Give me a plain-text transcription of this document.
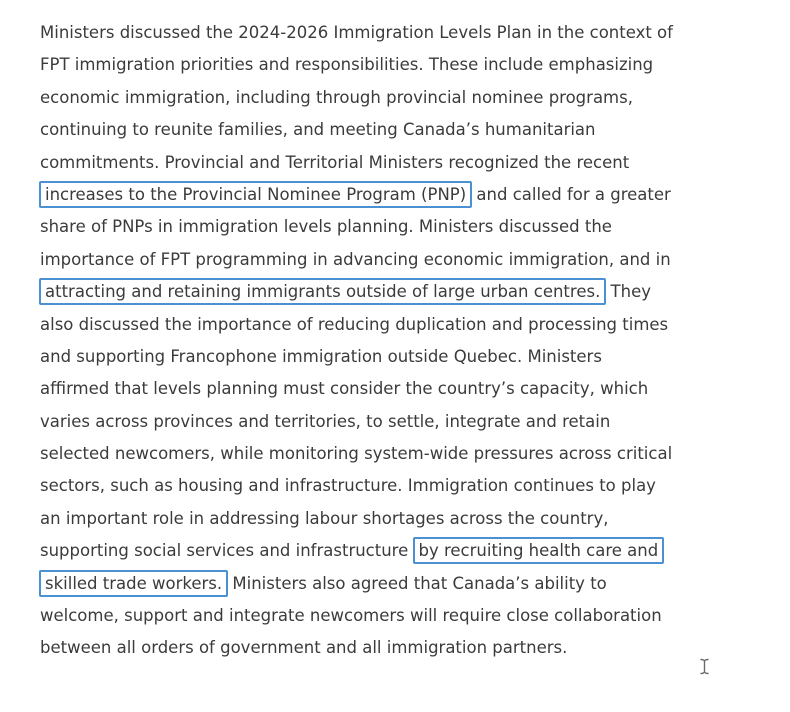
Ministers discussed the 2024-2026 Immigration Levels Plan in the context of
FPT immigration priorities and responsibilities. These include emphasizing
economic immigration, including through provincial nominee programs,
continuing to reunite families, and meeting Canada’s humanitarian
commitments. Provincial and Territorial Ministers recognized the recent
increases to the Provincial Nominee Program (PNP) and called for a greater
share of PNPs in immigration levels planning. Ministers discussed the
importance of FPT programming in advancing economic immigration, and in
attracting and retaining immigrants outside of large urban centres. They
also discussed the importance of reducing duplication and processing times
and supporting Francophone immigration outside Quebec. Ministers
affirmed that levels planning must consider the country’s capacity, which
varies across provinces and territories, to settle, integrate and retain
selected newcomers, while monitoring system-wide pressures across critical
sectors, such as housing and infrastructure. Immigration continues to play
an important role in addressing labour shortages across the country,
supporting social services and infrastructure by recruiting health care and
skilled trade workers. Ministers also agreed that Canada’s ability to
welcome, support and integrate newcomers will require close collaboration
between all orders of government and all immigration partners.
